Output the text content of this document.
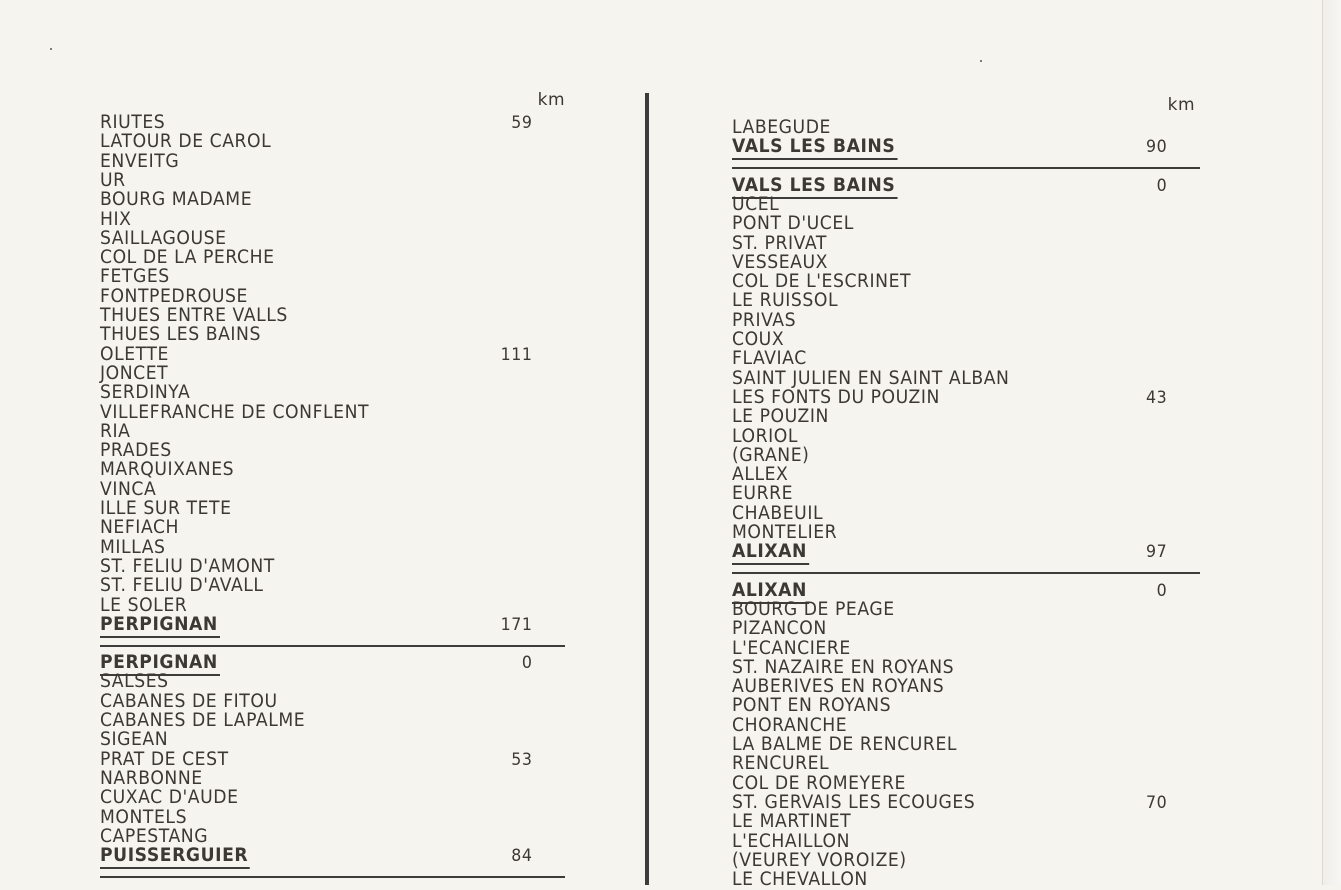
km
RIUTES	59
LATOUR DE CAROL
ENVEITG
UR
BOURG MADAME
HIX
SAILLAGOUSE
COL DE LA PERCHE
FETGES
FONTPEDROUSE
THUES ENTRE VALLS
THUES LES BAINS
OLETTE	111
JONCET
SERDINYA
VILLEFRANCHE DE CONFLENT
RIA
PRADES
MARQUIXANES
VINCA
ILLE SUR TETE
NEFIACH
MILLAS
ST. FELIU D'AMONT
ST. FELIU D'AVALL
LE SOLER
PERPIGNAN	171
PERPIGNAN	0
SALSES
CABANES DE FITOU
CABANES DE LAPALME
SIGEAN
PRAT DE CEST	53
NARBONNE
CUXAC D'AUDE
MONTELS
CAPESTANG
PUISSERGUIER	84
km
LABEGUDE
VALS LES BAINS	90
VALS LES BAINS	0
UCEL
PONT D'UCEL
ST. PRIVAT
VESSEAUX
COL DE L'ESCRINET
LE RUISSOL
PRIVAS
COUX
FLAVIAC
SAINT JULIEN EN SAINT ALBAN
LES FONTS DU POUZIN	43
LE POUZIN
LORIOL
(GRANE)
ALLEX
EURRE
CHABEUIL
MONTELIER
ALIXAN	97
ALIXAN	0
BOURG DE PEAGE
PIZANCON
L'ECANCIERE
ST. NAZAIRE EN ROYANS
AUBERIVES EN ROYANS
PONT EN ROYANS
CHORANCHE
LA BALME DE RENCUREL
RENCUREL
COL DE ROMEYERE
ST. GERVAIS LES ECOUGES	70
LE MARTINET
L'ECHAILLON
(VEUREY VOROIZE)
LE CHEVALLON
